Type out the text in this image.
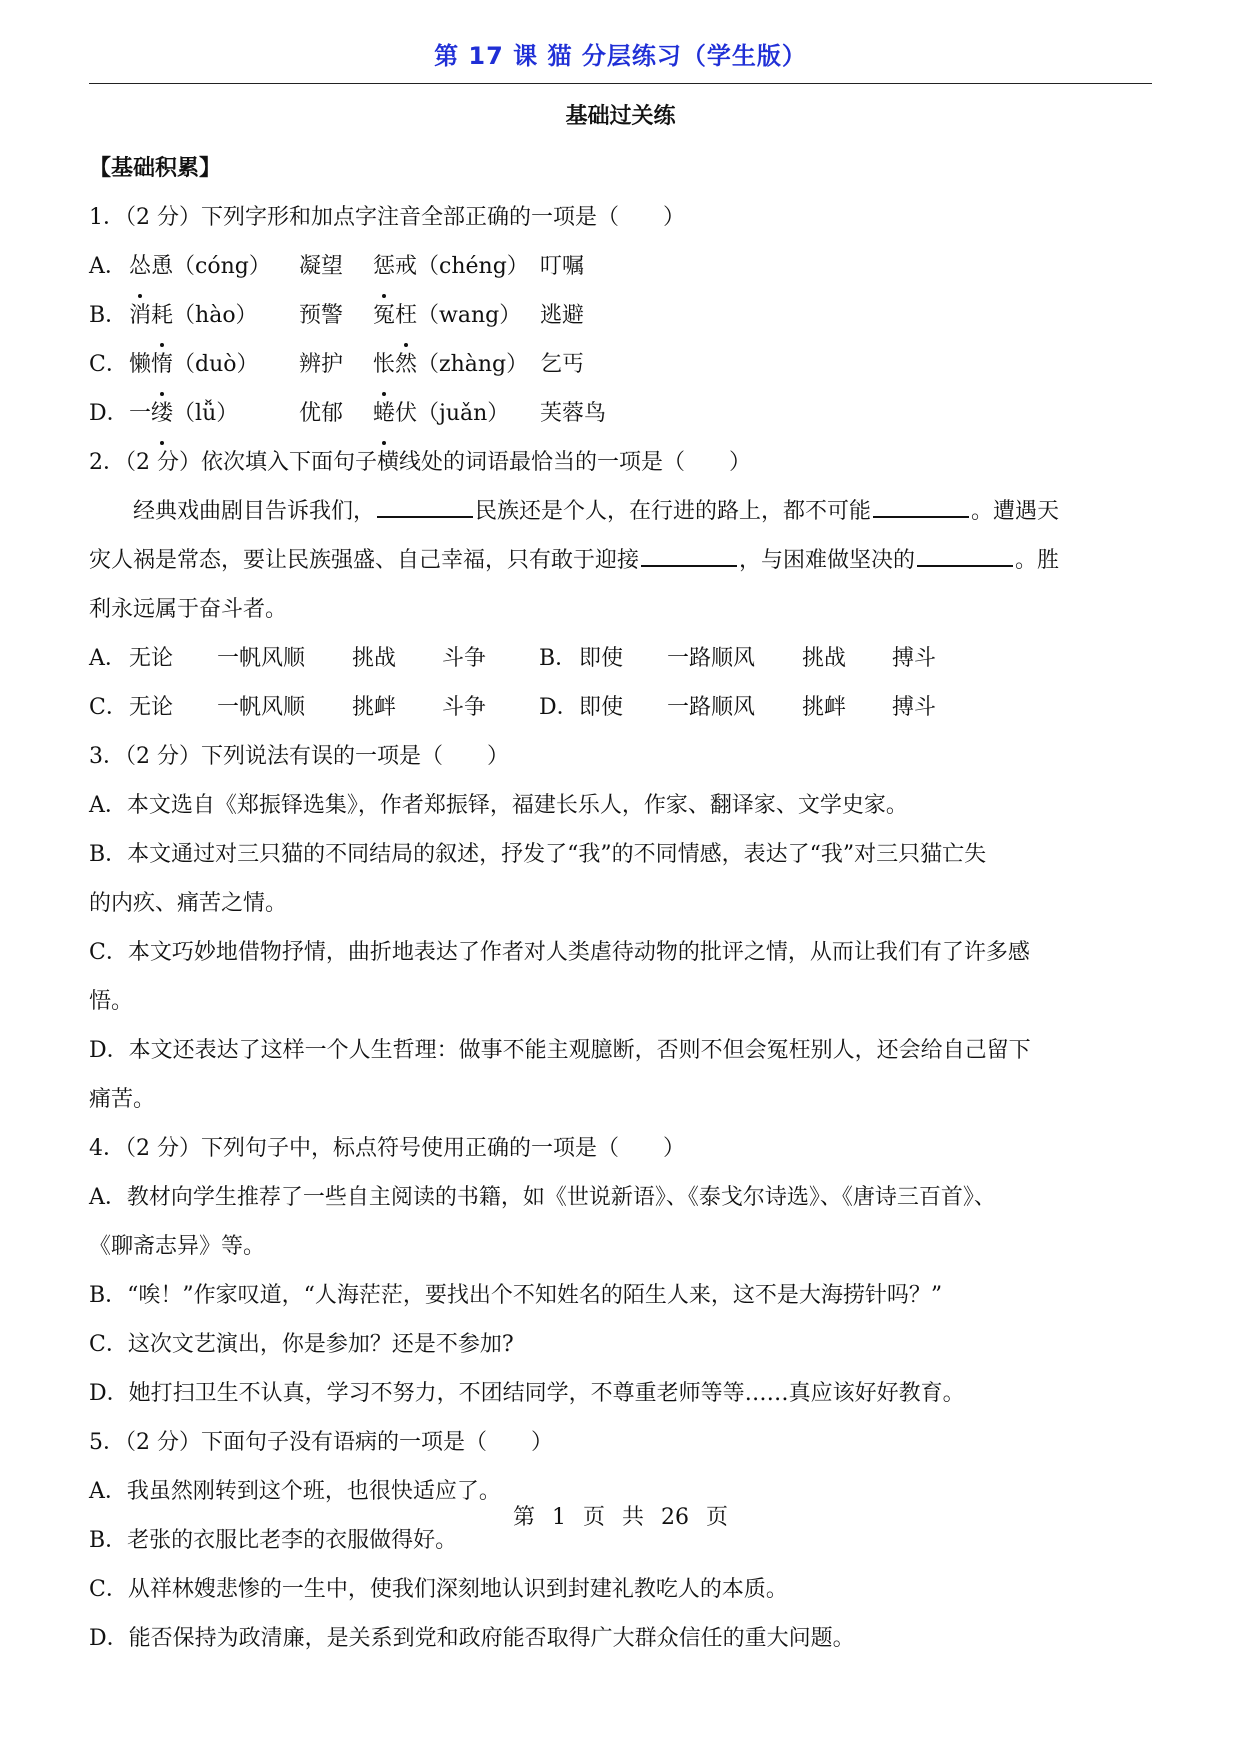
第 17 课 猫 分层练习（学生版）
基础过关练
【基础积累】
1．（2 分）下列字形和加点字注音全部正确的一项是（　　）
A．怂恿（cóng） 凝望 惩戒（chéng） 叮嘱
B．消耗（hào） 预警 冤枉（wang） 逃避
C．懒惰（duò） 辨护 怅然（zhàng） 乞丐
D．一缕（lǚ）	优郁 蜷伏（juǎn） 芙蓉鸟
2．（2 分）依次填入下面句子横线处的词语最恰当的一项是（　　）
经典戏曲剧目告诉我们，	民族还是个人，在行进的路上，都不可能	。遭遇天
灾人祸是常态，要让民族强盛、自己幸福，只有敢于迎接	，与困难做坚决的	。胜
利永远属于奋斗者。
A．无论 一帆风顺 挑战 斗争 B．即使 一路顺风 挑战 搏斗
C．无论 一帆风顺 挑衅 斗争 D．即使 一路顺风 挑衅 搏斗
3．（2 分）下列说法有误的一项是（　　）
A．本文选自《郑振铎选集》，作者郑振铎，福建长乐人，作家、翻译家、文学史家。
B．本文通过对三只猫的不同结局的叙述，抒发了“我”的不同情感，表达了“我”对三只猫亡失
的内疚、痛苦之情。
C．本文巧妙地借物抒情，曲折地表达了作者对人类虐待动物的批评之情，从而让我们有了许多感
悟。
D．本文还表达了这样一个人生哲理：做事不能主观臆断，否则不但会冤枉别人，还会给自己留下
痛苦。
4．（2 分）下列句子中，标点符号使用正确的一项是（　　）
A．教材向学生推荐了一些自主阅读的书籍，如《世说新语》、《泰戈尔诗选》、《唐诗三百首》、
《聊斋志异》等。
B．“唉！”作家叹道，“人海茫茫，要找出个不知姓名的陌生人来，这不是大海捞针吗？”
C．这次文艺演出，你是参加？还是不参加?
D．她打扫卫生不认真，学习不努力，不团结同学，不尊重老师等等……真应该好好教育。
5．（2 分）下面句子没有语病的一项是（　　）
A．我虽然刚转到这个班，也很快适应了。
B．老张的衣服比老李的衣服做得好。
C．从祥林嫂悲惨的一生中，使我们深刻地认识到封建礼教吃人的本质。
D．能否保持为政清廉，是关系到党和政府能否取得广大群众信任的重大问题。
第 1 页 共 26 页
